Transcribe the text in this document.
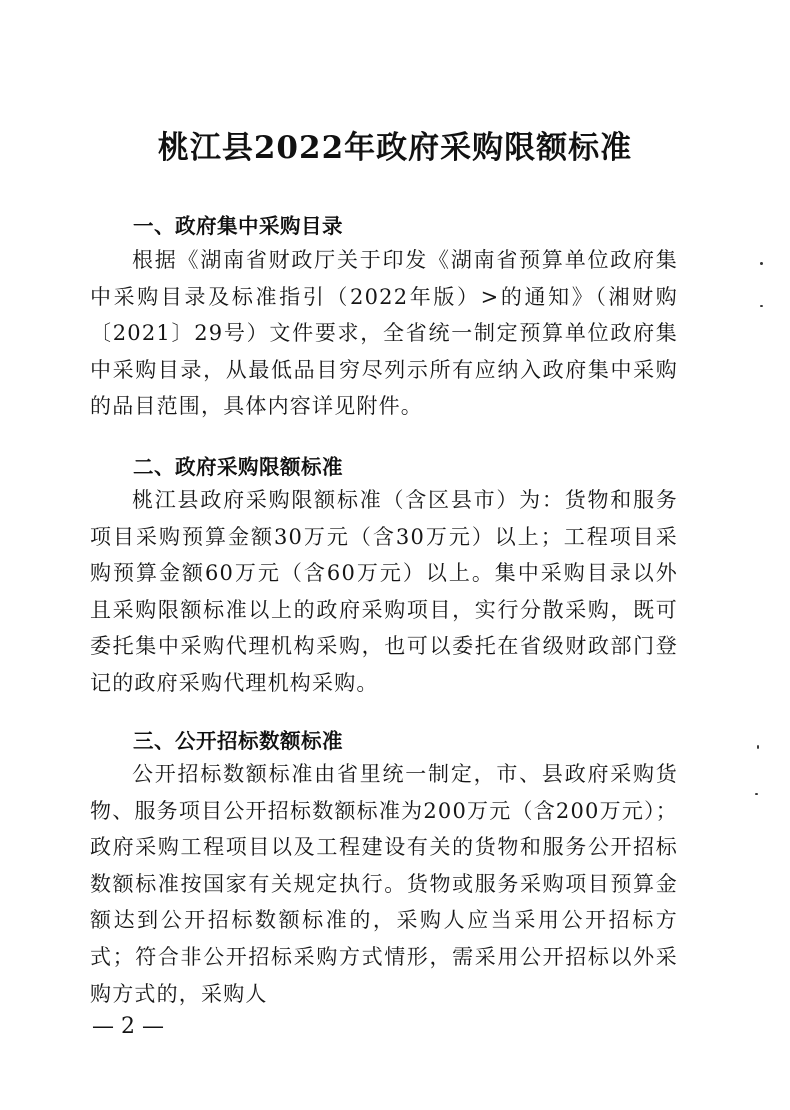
桃江县2022年政府采购限额标准
一、政府集中采购目录

根据《湖南省财政厅关于印发《湖南省预算单位政府集中采购目录及标准指引（2022年版）>的通知》（湘财购〔2021〕29号）文件要求，全省统一制定预算单位政府集中采购目录，从最低品目穷尽列示所有应纳入政府集中采购的品目范围，具体内容详见附件。

二、政府采购限额标准

桃江县政府采购限额标准（含区县市）为：货物和服务项目采购预算金额30万元（含30万元）以上；工程项目采购预算金额60万元（含60万元）以上。集中采购目录以外且采购限额标准以上的政府采购项目，实行分散采购，既可委托集中采购代理机构采购，也可以委托在省级财政部门登记的政府采购代理机构采购。

三、公开招标数额标准

公开招标数额标准由省里统一制定，市、县政府采购货物、服务项目公开招标数额标准为200万元（含200万元）；政府采购工程项目以及工程建设有关的货物和服务公开招标数额标准按国家有关规定执行。货物或服务采购项目预算金额达到公开招标数额标准的，采购人应当采用公开招标方式；符合非公开招标采购方式情形，需采用公开招标以外采购方式的，采购人

— 2 —
